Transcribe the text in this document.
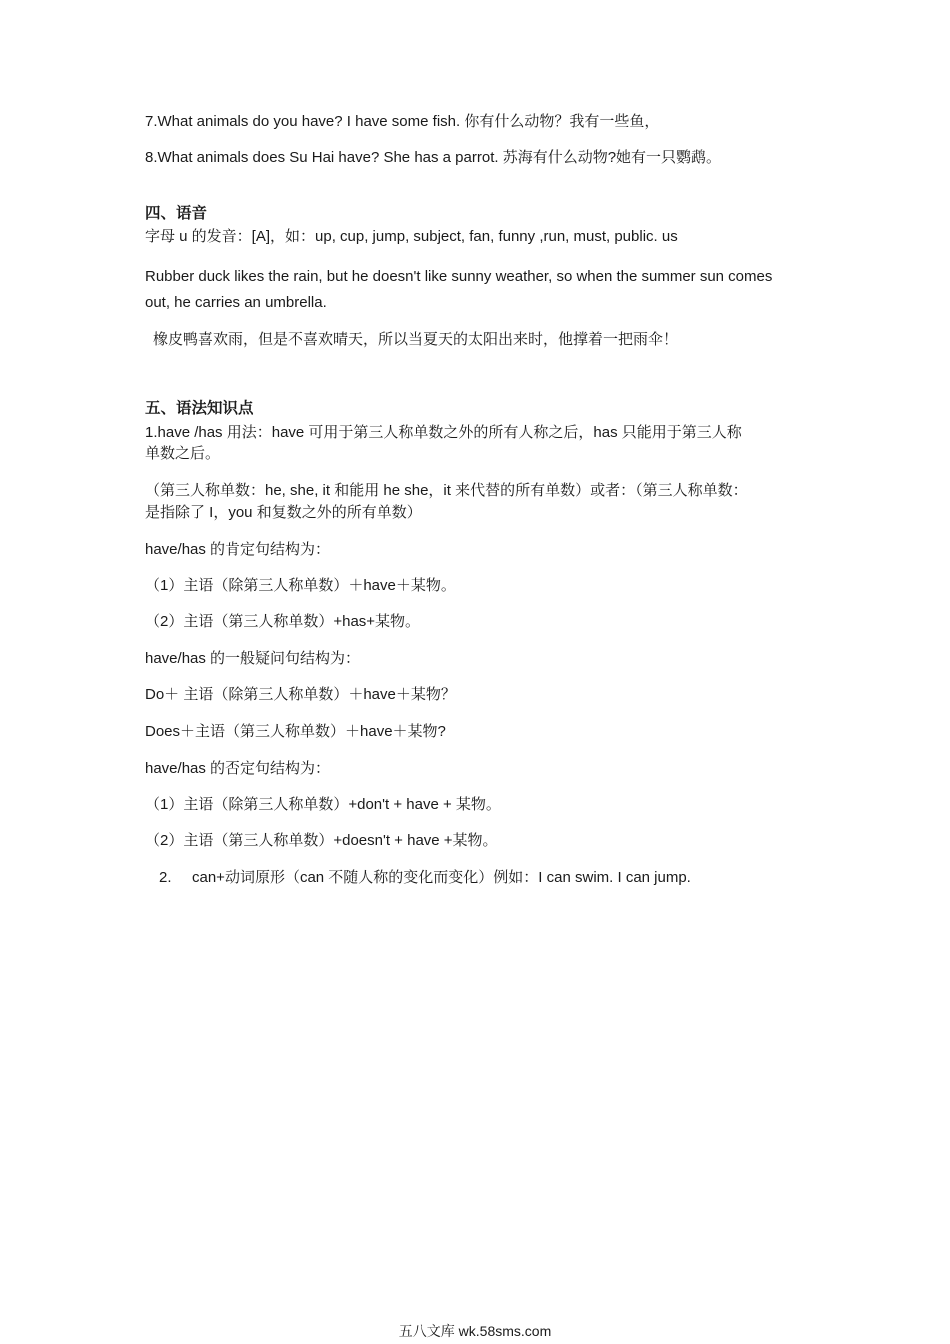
7.What animals do you have? I have some fish. 你有什么动物？我有一些鱼，
8.What animals does Su Hai have? She has a parrot. 苏海有什么动物?她有一只鹦鹉。
四、语音
字母 u 的发音：[A]，如：up, cup, jump, subject, fan, funny ,run, must, public. us
Rubber duck likes the rain, but he doesn't like sunny weather, so when the summer sun comes
out, he carries an umbrella.
橡皮鸭喜欢雨，但是不喜欢晴天，所以当夏天的太阳出来时，他撑着一把雨伞！
五、语法知识点
1.have /has 用法：have 可用于第三人称单数之外的所有人称之后，has 只能用于第三人称
单数之后。
（第三人称单数：he, she, it 和能用 he she，it 来代替的所有单数）或者：（第三人称单数：
是指除了 I，you 和复数之外的所有单数）
have/has 的肯定句结构为：
（1）主语（除第三人称单数）＋have＋某物。
（2）主语（第三人称单数）+has+某物。
have/has 的一般疑问句结构为：
Do＋ 主语（除第三人称单数）＋have＋某物？
Does＋主语（第三人称单数）＋have＋某物?
have/has 的否定句结构为：
（1）主语（除第三人称单数）+don't + have + 某物。
（2）主语（第三人称单数）+doesn't + have +某物。
2. can+动词原形（can 不随人称的变化而变化）例如：I can swim. I can jump.
五八文库 wk.58sms.com
